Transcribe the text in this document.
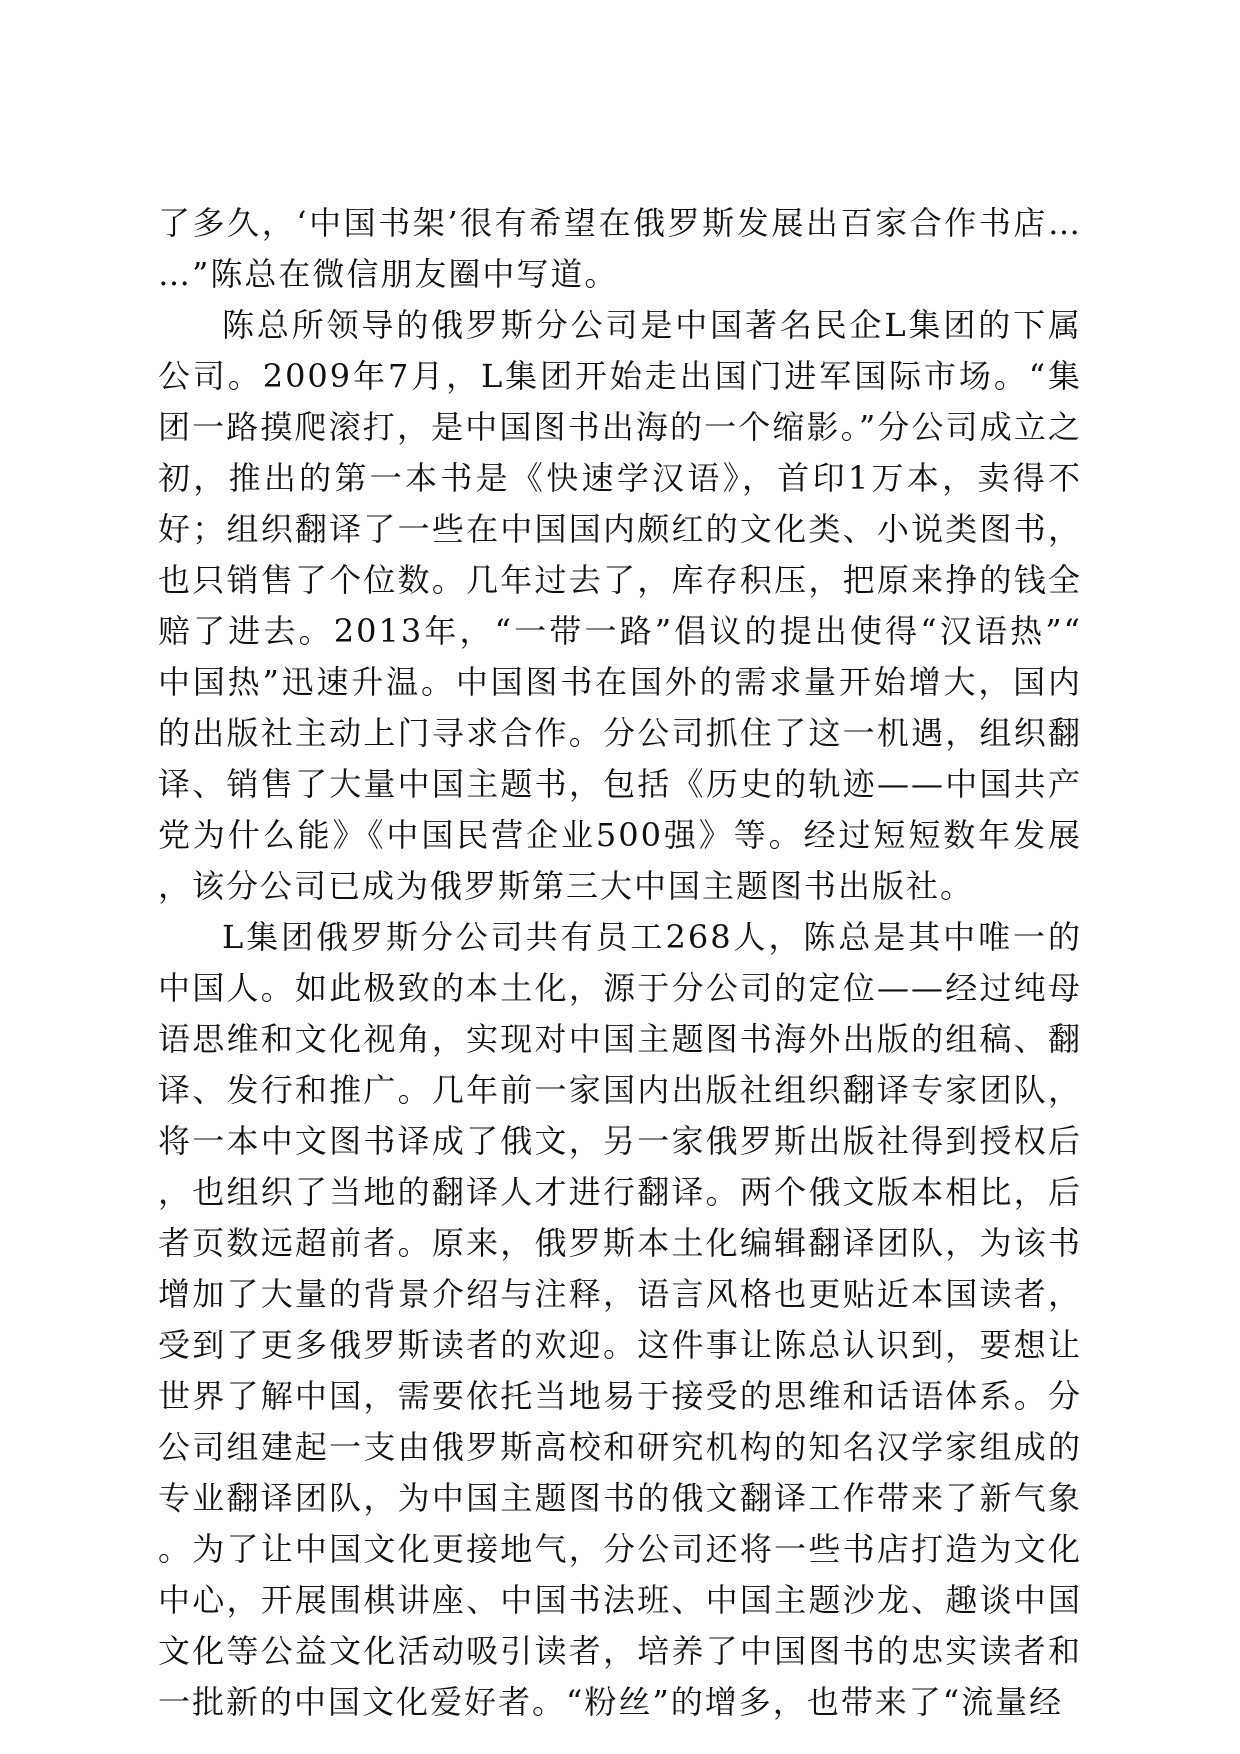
了多久，‘中国书架’很有希望在俄罗斯发展出百家合作书店……”陈总在微信朋友圈中写道。

陈总所领导的俄罗斯分公司是中国著名民企L集团的下属公司。2009年7月，L集团开始走出国门进军国际市场。“集团一路摸爬滚打，是中国图书出海的一个缩影。”分公司成立之初，推出的第一本书是《快速学汉语》，首印1万本，卖得不好；组织翻译了一些在中国国内颇红的文化类、小说类图书，也只销售了个位数。几年过去了，库存积压，把原来挣的钱全赔了进去。2013年，“一带一路”倡议的提出使得“汉语热”“中国热”迅速升温。中国图书在国外的需求量开始增大，国内的出版社主动上门寻求合作。分公司抓住了这一机遇，组织翻译、销售了大量中国主题书，包括《历史的轨迹——中国共产党为什么能》《中国民营企业500强》等。经过短短数年发展，该分公司已成为俄罗斯第三大中国主题图书出版社。

L集团俄罗斯分公司共有员工268人，陈总是其中唯一的中国人。如此极致的本土化，源于分公司的定位——经过纯母语思维和文化视角，实现对中国主题图书海外出版的组稿、翻译、发行和推广。几年前一家国内出版社组织翻译专家团队，将一本中文图书译成了俄文，另一家俄罗斯出版社得到授权后，也组织了当地的翻译人才进行翻译。两个俄文版本相比，后者页数远超前者。原来，俄罗斯本土化编辑翻译团队，为该书增加了大量的背景介绍与注释，语言风格也更贴近本国读者，受到了更多俄罗斯读者的欢迎。这件事让陈总认识到，要想让世界了解中国，需要依托当地易于接受的思维和话语体系。分公司组建起一支由俄罗斯高校和研究机构的知名汉学家组成的专业翻译团队，为中国主题图书的俄文翻译工作带来了新气象。为了让中国文化更接地气，分公司还将一些书店打造为文化中心，开展围棋讲座、中国书法班、中国主题沙龙、趣谈中国文化等公益文化活动吸引读者，培养了中国图书的忠实读者和一批新的中国文化爱好者。“粉丝”的增多，也带来了“流量经
